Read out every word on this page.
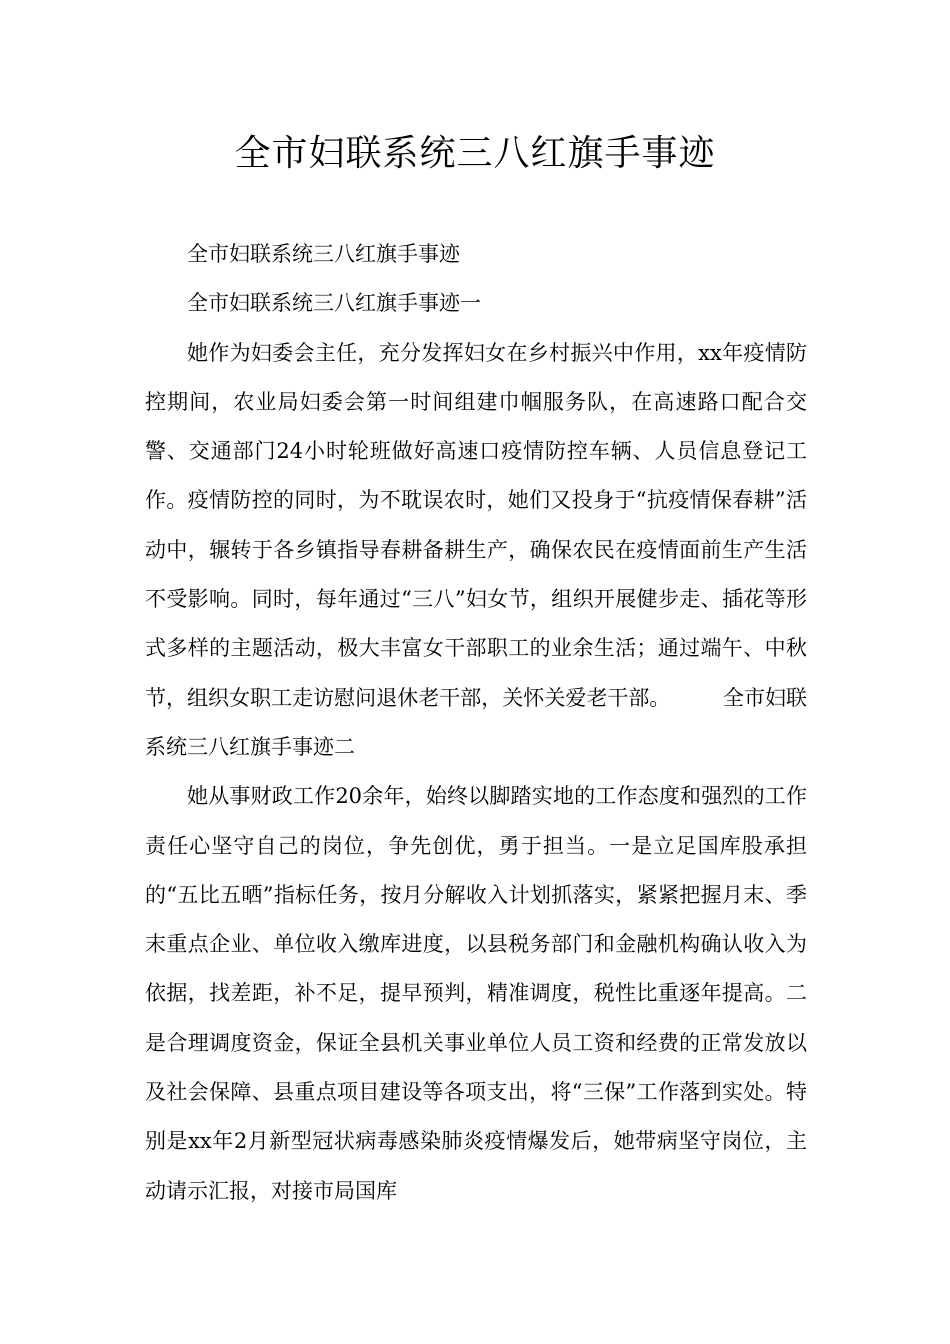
全市妇联系统三八红旗手事迹

全市妇联系统三八红旗手事迹

全市妇联系统三八红旗手事迹一

她作为妇委会主任，充分发挥妇女在乡村振兴中作用，xx年疫情防控期间，农业局妇委会第一时间组建巾帼服务队，在高速路口配合交警、交通部门24小时轮班做好高速口疫情防控车辆、人员信息登记工作。疫情防控的同时，为不耽误农时，她们又投身于“抗疫情保春耕”活动中，辗转于各乡镇指导春耕备耕生产，确保农民在疫情面前生产生活不受影响。同时，每年通过“三八”妇女节，组织开展健步走、插花等形式多样的主题活动，极大丰富女干部职工的业余生活；通过端午、中秋节，组织女职工走访慰问退休老干部，关怀关爱老干部。	全市妇联系统三八红旗手事迹二

她从事财政工作20余年，始终以脚踏实地的工作态度和强烈的工作责任心坚守自己的岗位，争先创优，勇于担当。一是立足国库股承担的“五比五晒”指标任务，按月分解收入计划抓落实，紧紧把握月末、季末重点企业、单位收入缴库进度，以县税务部门和金融机构确认收入为依据，找差距，补不足，提早预判，精准调度，税性比重逐年提高。二是合理调度资金，保证全县机关事业单位人员工资和经费的正常发放以及社会保障、县重点项目建设等各项支出，将“三保”工作落到实处。特别是xx年2月新型冠状病毒感染肺炎疫情爆发后，她带病坚守岗位，主动请示汇报，对接市局国库
